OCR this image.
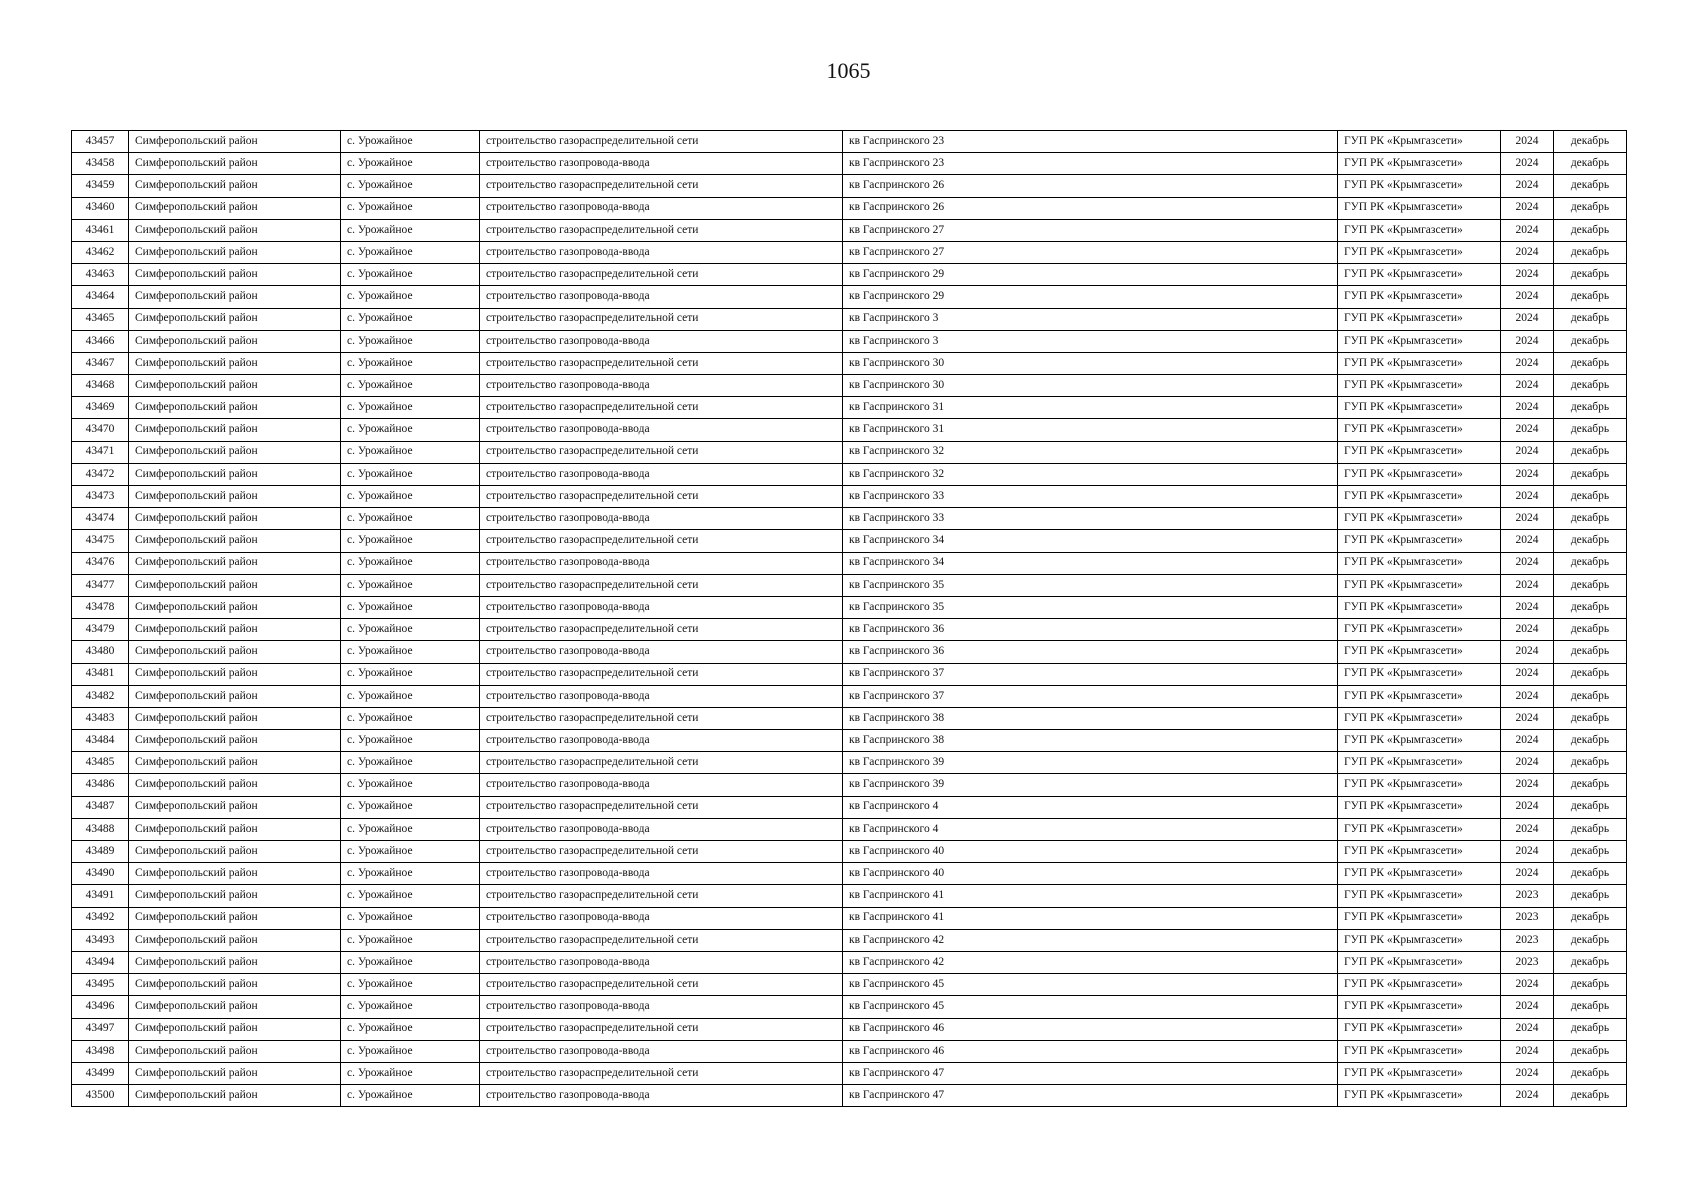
1065
43457	Симферопольский район	с. Урожайное	строительство газораспределительной сети	кв Гаспринского 23	ГУП РК «Крымгазсети»	2024	декабрь
43458	Симферопольский район	с. Урожайное	строительство газопровода-ввода	кв Гаспринского 23	ГУП РК «Крымгазсети»	2024	декабрь
43459	Симферопольский район	с. Урожайное	строительство газораспределительной сети	кв Гаспринского 26	ГУП РК «Крымгазсети»	2024	декабрь
43460	Симферопольский район	с. Урожайное	строительство газопровода-ввода	кв Гаспринского 26	ГУП РК «Крымгазсети»	2024	декабрь
43461	Симферопольский район	с. Урожайное	строительство газораспределительной сети	кв Гаспринского 27	ГУП РК «Крымгазсети»	2024	декабрь
43462	Симферопольский район	с. Урожайное	строительство газопровода-ввода	кв Гаспринского 27	ГУП РК «Крымгазсети»	2024	декабрь
43463	Симферопольский район	с. Урожайное	строительство газораспределительной сети	кв Гаспринского 29	ГУП РК «Крымгазсети»	2024	декабрь
43464	Симферопольский район	с. Урожайное	строительство газопровода-ввода	кв Гаспринского 29	ГУП РК «Крымгазсети»	2024	декабрь
43465	Симферопольский район	с. Урожайное	строительство газораспределительной сети	кв Гаспринского 3	ГУП РК «Крымгазсети»	2024	декабрь
43466	Симферопольский район	с. Урожайное	строительство газопровода-ввода	кв Гаспринского 3	ГУП РК «Крымгазсети»	2024	декабрь
43467	Симферопольский район	с. Урожайное	строительство газораспределительной сети	кв Гаспринского 30	ГУП РК «Крымгазсети»	2024	декабрь
43468	Симферопольский район	с. Урожайное	строительство газопровода-ввода	кв Гаспринского 30	ГУП РК «Крымгазсети»	2024	декабрь
43469	Симферопольский район	с. Урожайное	строительство газораспределительной сети	кв Гаспринского 31	ГУП РК «Крымгазсети»	2024	декабрь
43470	Симферопольский район	с. Урожайное	строительство газопровода-ввода	кв Гаспринского 31	ГУП РК «Крымгазсети»	2024	декабрь
43471	Симферопольский район	с. Урожайное	строительство газораспределительной сети	кв Гаспринского 32	ГУП РК «Крымгазсети»	2024	декабрь
43472	Симферопольский район	с. Урожайное	строительство газопровода-ввода	кв Гаспринского 32	ГУП РК «Крымгазсети»	2024	декабрь
43473	Симферопольский район	с. Урожайное	строительство газораспределительной сети	кв Гаспринского 33	ГУП РК «Крымгазсети»	2024	декабрь
43474	Симферопольский район	с. Урожайное	строительство газопровода-ввода	кв Гаспринского 33	ГУП РК «Крымгазсети»	2024	декабрь
43475	Симферопольский район	с. Урожайное	строительство газораспределительной сети	кв Гаспринского 34	ГУП РК «Крымгазсети»	2024	декабрь
43476	Симферопольский район	с. Урожайное	строительство газопровода-ввода	кв Гаспринского 34	ГУП РК «Крымгазсети»	2024	декабрь
43477	Симферопольский район	с. Урожайное	строительство газораспределительной сети	кв Гаспринского 35	ГУП РК «Крымгазсети»	2024	декабрь
43478	Симферопольский район	с. Урожайное	строительство газопровода-ввода	кв Гаспринского 35	ГУП РК «Крымгазсети»	2024	декабрь
43479	Симферопольский район	с. Урожайное	строительство газораспределительной сети	кв Гаспринского 36	ГУП РК «Крымгазсети»	2024	декабрь
43480	Симферопольский район	с. Урожайное	строительство газопровода-ввода	кв Гаспринского 36	ГУП РК «Крымгазсети»	2024	декабрь
43481	Симферопольский район	с. Урожайное	строительство газораспределительной сети	кв Гаспринского 37	ГУП РК «Крымгазсети»	2024	декабрь
43482	Симферопольский район	с. Урожайное	строительство газопровода-ввода	кв Гаспринского 37	ГУП РК «Крымгазсети»	2024	декабрь
43483	Симферопольский район	с. Урожайное	строительство газораспределительной сети	кв Гаспринского 38	ГУП РК «Крымгазсети»	2024	декабрь
43484	Симферопольский район	с. Урожайное	строительство газопровода-ввода	кв Гаспринского 38	ГУП РК «Крымгазсети»	2024	декабрь
43485	Симферопольский район	с. Урожайное	строительство газораспределительной сети	кв Гаспринского 39	ГУП РК «Крымгазсети»	2024	декабрь
43486	Симферопольский район	с. Урожайное	строительство газопровода-ввода	кв Гаспринского 39	ГУП РК «Крымгазсети»	2024	декабрь
43487	Симферопольский район	с. Урожайное	строительство газораспределительной сети	кв Гаспринского 4	ГУП РК «Крымгазсети»	2024	декабрь
43488	Симферопольский район	с. Урожайное	строительство газопровода-ввода	кв Гаспринского 4	ГУП РК «Крымгазсети»	2024	декабрь
43489	Симферопольский район	с. Урожайное	строительство газораспределительной сети	кв Гаспринского 40	ГУП РК «Крымгазсети»	2024	декабрь
43490	Симферопольский район	с. Урожайное	строительство газопровода-ввода	кв Гаспринского 40	ГУП РК «Крымгазсети»	2024	декабрь
43491	Симферопольский район	с. Урожайное	строительство газораспределительной сети	кв Гаспринского 41	ГУП РК «Крымгазсети»	2023	декабрь
43492	Симферопольский район	с. Урожайное	строительство газопровода-ввода	кв Гаспринского 41	ГУП РК «Крымгазсети»	2023	декабрь
43493	Симферопольский район	с. Урожайное	строительство газораспределительной сети	кв Гаспринского 42	ГУП РК «Крымгазсети»	2023	декабрь
43494	Симферопольский район	с. Урожайное	строительство газопровода-ввода	кв Гаспринского 42	ГУП РК «Крымгазсети»	2023	декабрь
43495	Симферопольский район	с. Урожайное	строительство газораспределительной сети	кв Гаспринского 45	ГУП РК «Крымгазсети»	2024	декабрь
43496	Симферопольский район	с. Урожайное	строительство газопровода-ввода	кв Гаспринского 45	ГУП РК «Крымгазсети»	2024	декабрь
43497	Симферопольский район	с. Урожайное	строительство газораспределительной сети	кв Гаспринского 46	ГУП РК «Крымгазсети»	2024	декабрь
43498	Симферопольский район	с. Урожайное	строительство газопровода-ввода	кв Гаспринского 46	ГУП РК «Крымгазсети»	2024	декабрь
43499	Симферопольский район	с. Урожайное	строительство газораспределительной сети	кв Гаспринского 47	ГУП РК «Крымгазсети»	2024	декабрь
43500	Симферопольский район	с. Урожайное	строительство газопровода-ввода	кв Гаспринского 47	ГУП РК «Крымгазсети»	2024	декабрь
